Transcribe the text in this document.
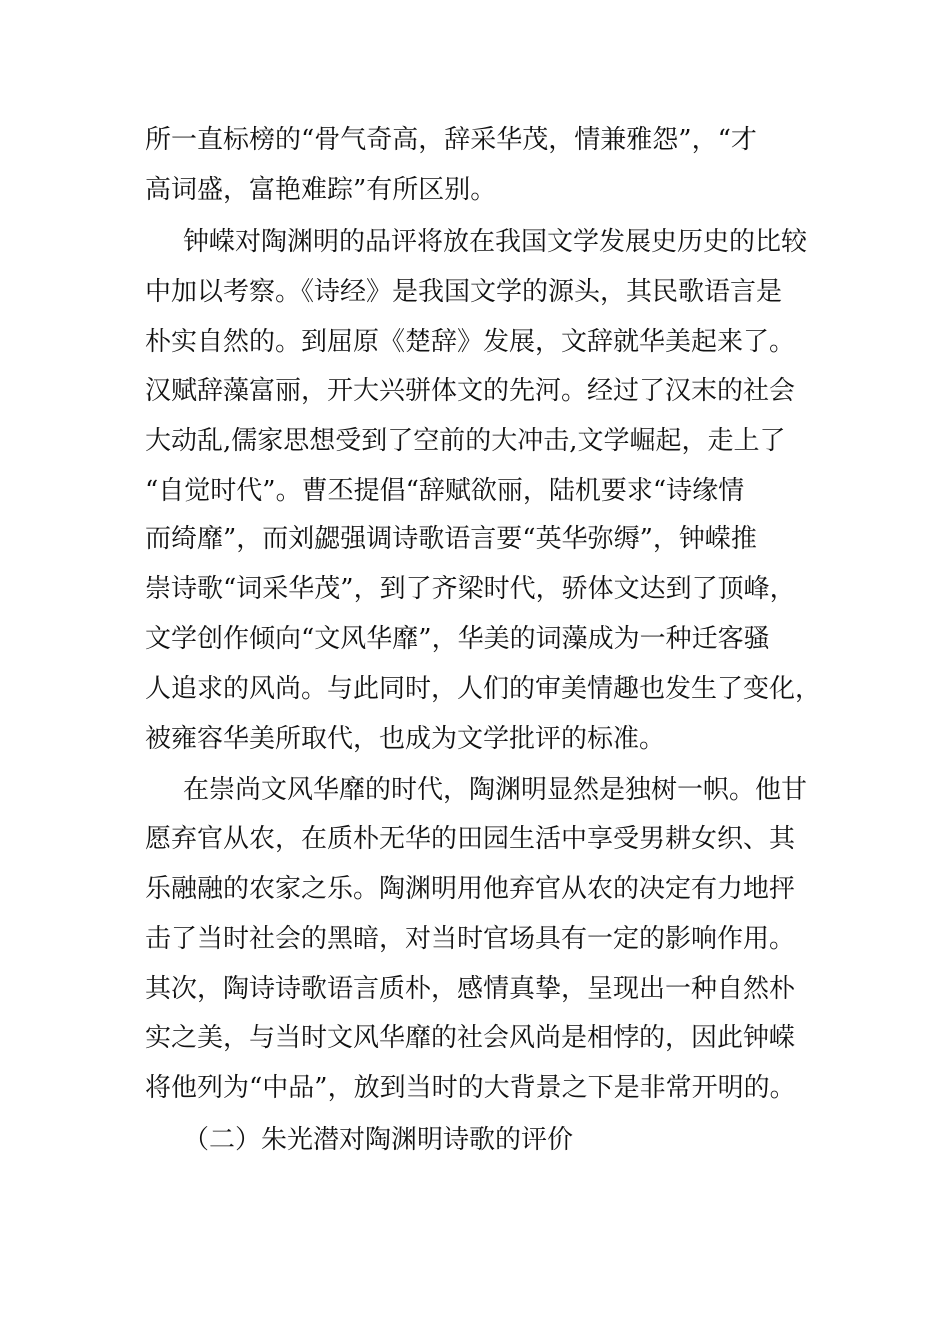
所一直标榜的“骨气奇高，辞采华茂，情兼雅怨”，“才
高词盛，富艳难踪”有所区别。
钟嵘对陶渊明的品评将放在我国文学发展史历史的比较
中加以考察。《诗经》是我国文学的源头，其民歌语言是
朴实自然的。到屈原《楚辞》发展，文辞就华美起来了。
汉赋辞藻富丽，开大兴骈体文的先河。经过了汉末的社会
大动乱,儒家思想受到了空前的大冲击,文学崛起，走上了
“自觉时代”。曹丕提倡“辞赋欲丽，陆机要求“诗缘情
而绮靡”，而刘勰强调诗歌语言要“英华弥缛”，钟嵘推
崇诗歌“词采华茂”，到了齐梁时代，骄体文达到了顶峰，
文学创作倾向“文风华靡”，华美的词藻成为一种迁客骚
人追求的风尚。与此同时，人们的审美情趣也发生了变化，
被雍容华美所取代，也成为文学批评的标准。
在崇尚文风华靡的时代，陶渊明显然是独树一帜。他甘
愿弃官从农，在质朴无华的田园生活中享受男耕女织、其
乐融融的农家之乐。陶渊明用他弃官从农的决定有力地抨
击了当时社会的黑暗，对当时官场具有一定的影响作用。
其次，陶诗诗歌语言质朴，感情真挚，呈现出一种自然朴
实之美，与当时文风华靡的社会风尚是相悖的，因此钟嵘
将他列为“中品”，放到当时的大背景之下是非常开明的。
（二）朱光潜对陶渊明诗歌的评价
